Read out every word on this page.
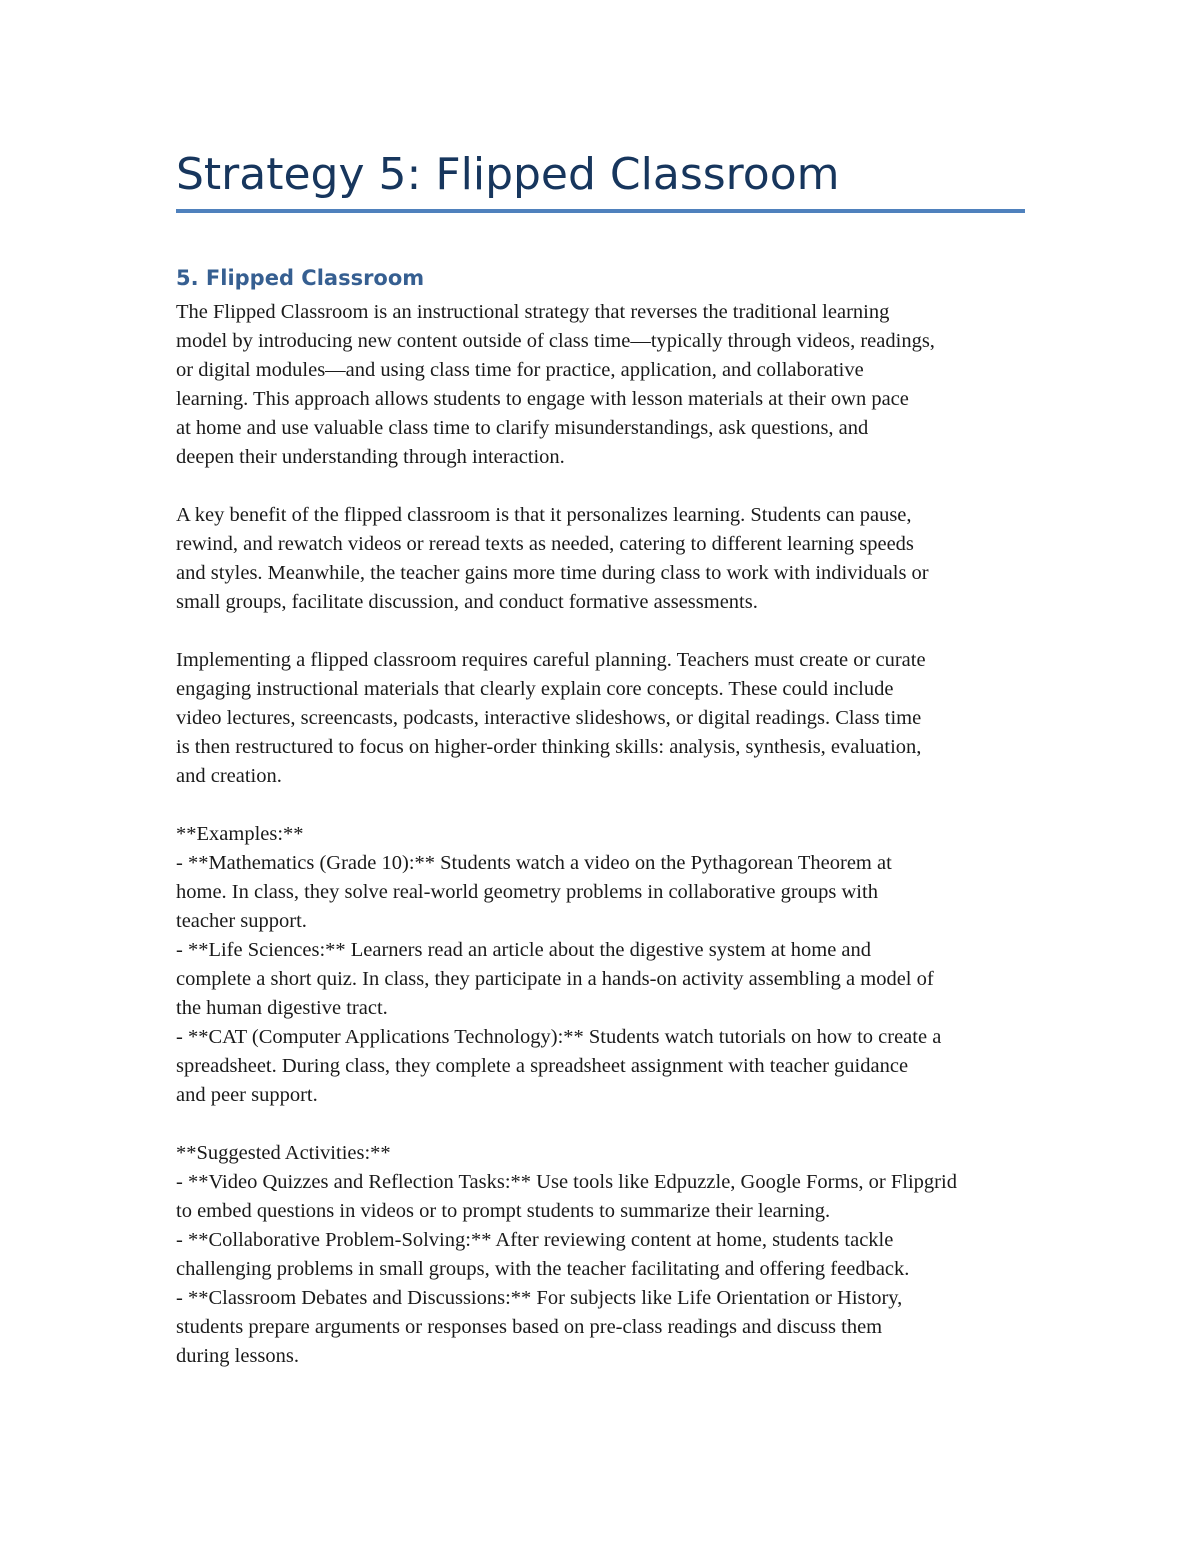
Strategy 5: Flipped Classroom
5. Flipped Classroom
The Flipped Classroom is an instructional strategy that reverses the traditional learning
model by introducing new content outside of class time—typically through videos, readings,
or digital modules—and using class time for practice, application, and collaborative
learning. This approach allows students to engage with lesson materials at their own pace
at home and use valuable class time to clarify misunderstandings, ask questions, and
deepen their understanding through interaction.
A key benefit of the flipped classroom is that it personalizes learning. Students can pause,
rewind, and rewatch videos or reread texts as needed, catering to different learning speeds
and styles. Meanwhile, the teacher gains more time during class to work with individuals or
small groups, facilitate discussion, and conduct formative assessments.
Implementing a flipped classroom requires careful planning. Teachers must create or curate
engaging instructional materials that clearly explain core concepts. These could include
video lectures, screencasts, podcasts, interactive slideshows, or digital readings. Class time
is then restructured to focus on higher-order thinking skills: analysis, synthesis, evaluation,
and creation.
**Examples:**
- **Mathematics (Grade 10):** Students watch a video on the Pythagorean Theorem at
home. In class, they solve real-world geometry problems in collaborative groups with
teacher support.
- **Life Sciences:** Learners read an article about the digestive system at home and
complete a short quiz. In class, they participate in a hands-on activity assembling a model of
the human digestive tract.
- **CAT (Computer Applications Technology):** Students watch tutorials on how to create a
spreadsheet. During class, they complete a spreadsheet assignment with teacher guidance
and peer support.
**Suggested Activities:**
- **Video Quizzes and Reflection Tasks:** Use tools like Edpuzzle, Google Forms, or Flipgrid
to embed questions in videos or to prompt students to summarize their learning.
- **Collaborative Problem-Solving:** After reviewing content at home, students tackle
challenging problems in small groups, with the teacher facilitating and offering feedback.
- **Classroom Debates and Discussions:** For subjects like Life Orientation or History,
students prepare arguments or responses based on pre-class readings and discuss them
during lessons.
